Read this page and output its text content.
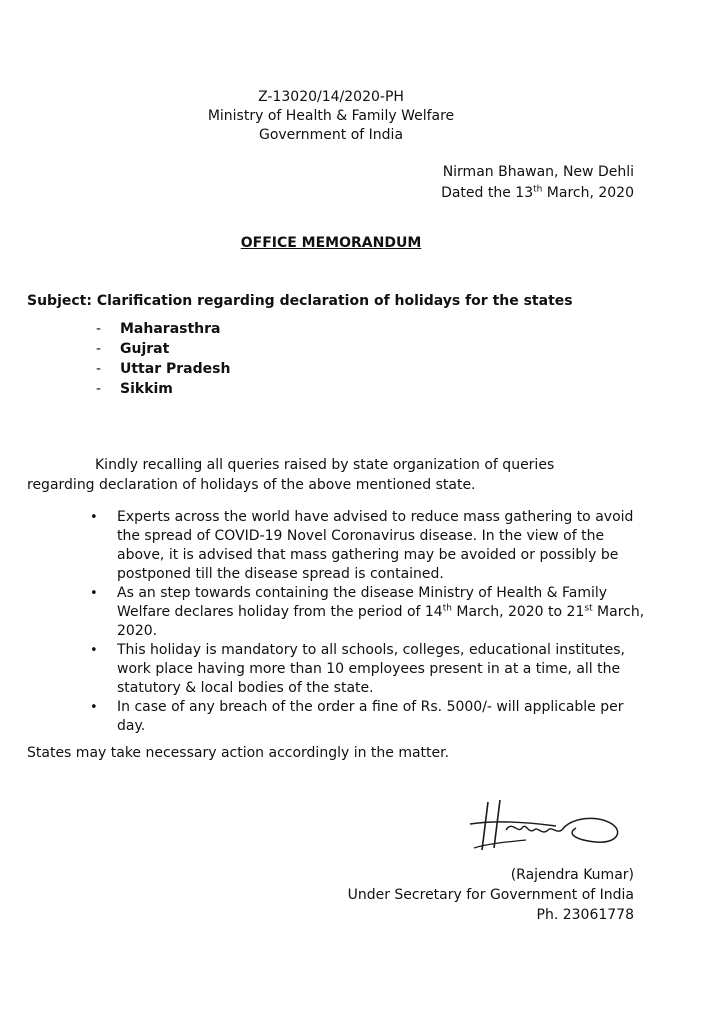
Z-13020/14/2020-PH
Ministry of Health & Family Welfare
Government of India
Nirman Bhawan, New Dehli
Dated the 13th March, 2020
OFFICE MEMORANDUM
Subject: Clarification regarding declaration of holidays for the states
- Maharasthra
- Gujrat
- Uttar Pradesh
- Sikkim
Kindly recalling all queries raised by state organization of queries
regarding declaration of holidays of the above mentioned state.
• Experts across the world have advised to reduce mass gathering to avoid the spread of COVID-19 Novel Coronavirus disease. In the view of the above, it is advised that mass gathering may be avoided or possibly be postponed till the disease spread is contained.
• As an step towards containing the disease Ministry of Health & Family Welfare declares holiday from the period of 14th March, 2020 to 21st March, 2020.
• This holiday is mandatory to all schools, colleges, educational institutes, work place having more than 10 employees present in at a time, all the statutory & local bodies of the state.
• In case of any breach of the order a fine of Rs. 5000/- will applicable per day.
States may take necessary action accordingly in the matter.
(Rajendra Kumar)
Under Secretary for Government of India
Ph. 23061778
